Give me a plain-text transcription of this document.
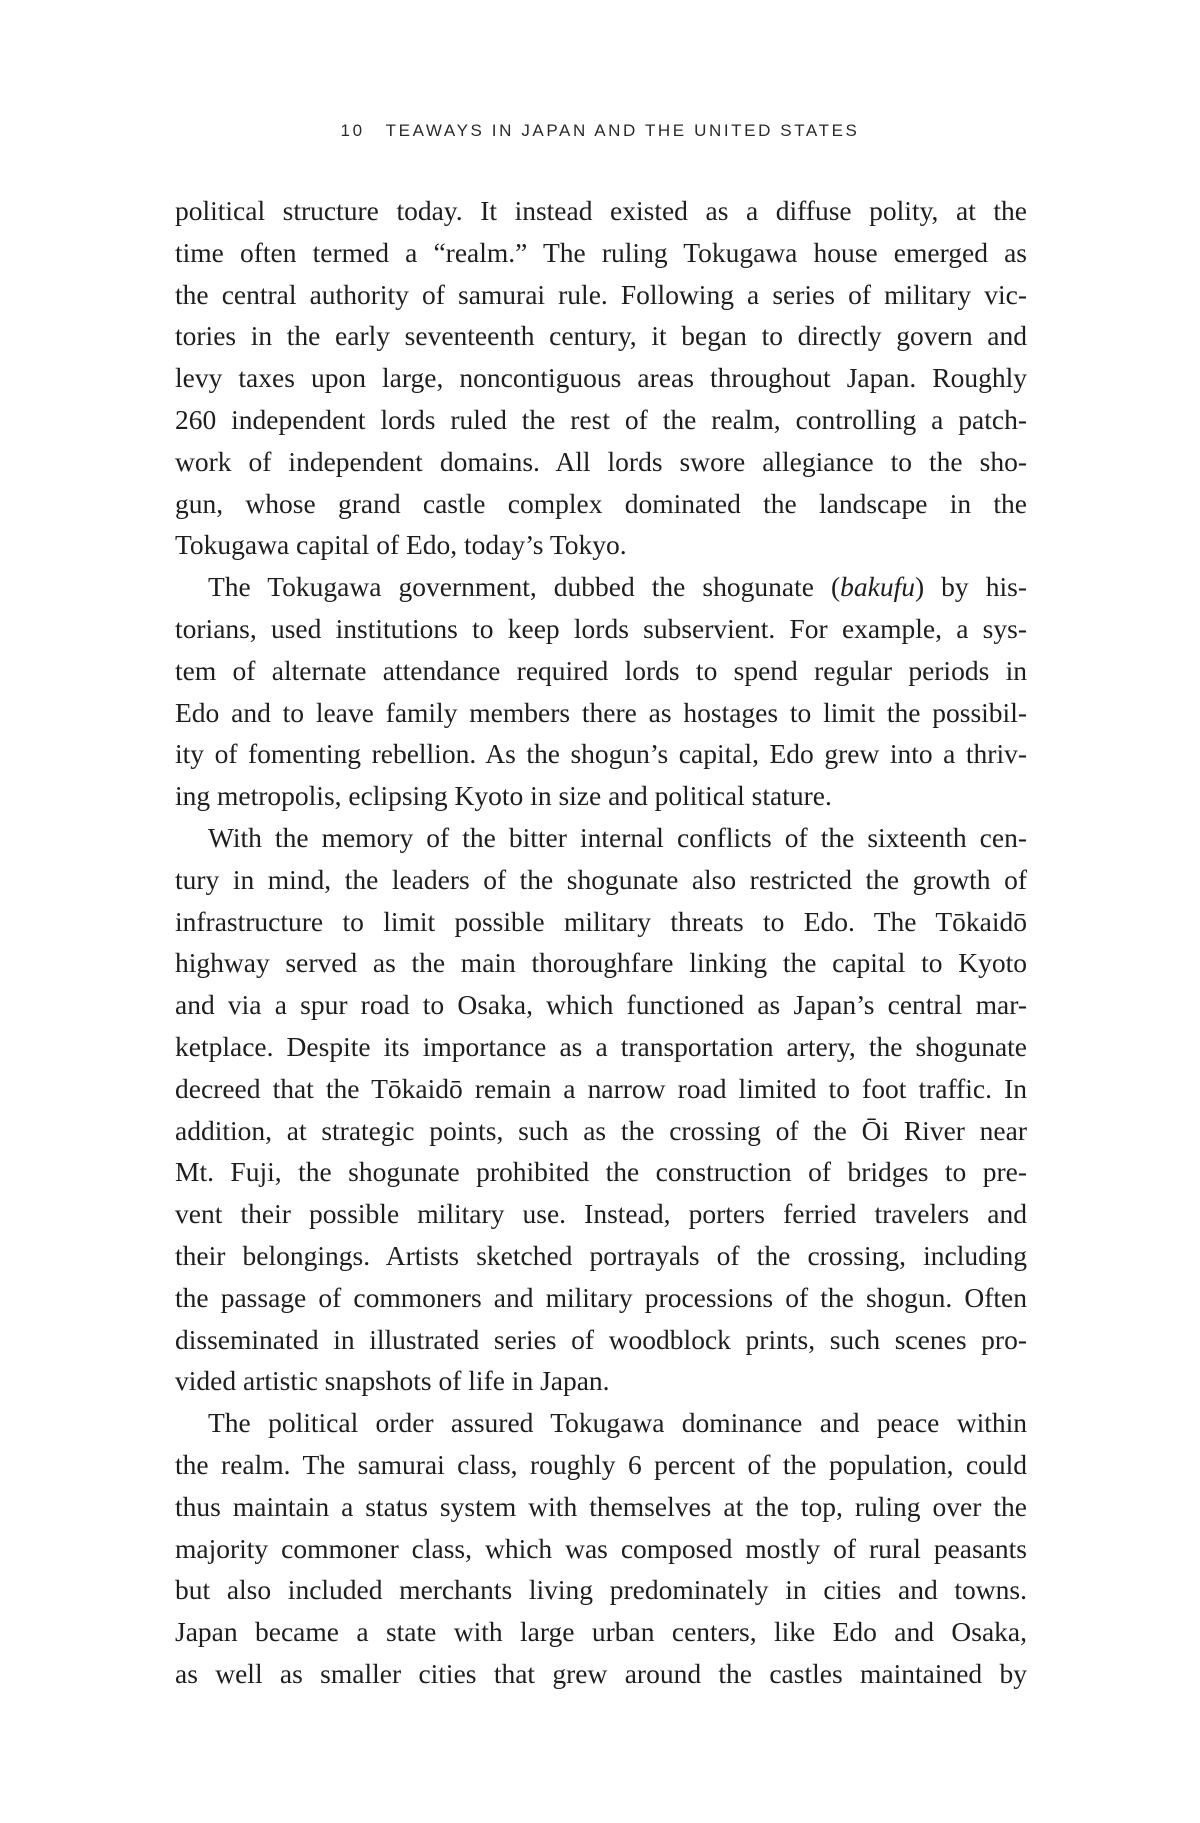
10 TEAWAYS IN JAPAN AND THE UNITED STATES
political structure today. It instead existed as a diffuse polity, at the
time often termed a “realm.” The ruling Tokugawa house emerged as
the central authority of samurai rule. Following a series of military vic-
tories in the early seventeenth century, it began to directly govern and
levy taxes upon large, noncontiguous areas throughout Japan. Roughly
260 independent lords ruled the rest of the realm, controlling a patch-
work of independent domains. All lords swore allegiance to the sho-
gun, whose grand castle complex dominated the landscape in the
Tokugawa capital of Edo, today’s Tokyo.
The Tokugawa government, dubbed the shogunate (bakufu) by his-
torians, used institutions to keep lords subservient. For example, a sys-
tem of alternate attendance required lords to spend regular periods in
Edo and to leave family members there as hostages to limit the possibil-
ity of fomenting rebellion. As the shogun’s capital, Edo grew into a thriv-
ing metropolis, eclipsing Kyoto in size and political stature.
With the memory of the bitter internal conflicts of the sixteenth cen-
tury in mind, the leaders of the shogunate also restricted the growth of
infrastructure to limit possible military threats to Edo. The Tōkaidō
highway served as the main thoroughfare linking the capital to Kyoto
and via a spur road to Osaka, which functioned as Japan’s central mar-
ketplace. Despite its importance as a transportation artery, the shogunate
decreed that the Tōkaidō remain a narrow road limited to foot traffic. In
addition, at strategic points, such as the crossing of the Ōi River near
Mt. Fuji, the shogunate prohibited the construction of bridges to pre-
vent their possible military use. Instead, porters ferried travelers and
their belongings. Artists sketched portrayals of the crossing, including
the passage of commoners and military processions of the shogun. Often
disseminated in illustrated series of woodblock prints, such scenes pro-
vided artistic snapshots of life in Japan.
The political order assured Tokugawa dominance and peace within
the realm. The samurai class, roughly 6 percent of the population, could
thus maintain a status system with themselves at the top, ruling over the
majority commoner class, which was composed mostly of rural peasants
but also included merchants living predominately in cities and towns.
Japan became a state with large urban centers, like Edo and Osaka,
as well as smaller cities that grew around the castles maintained by
